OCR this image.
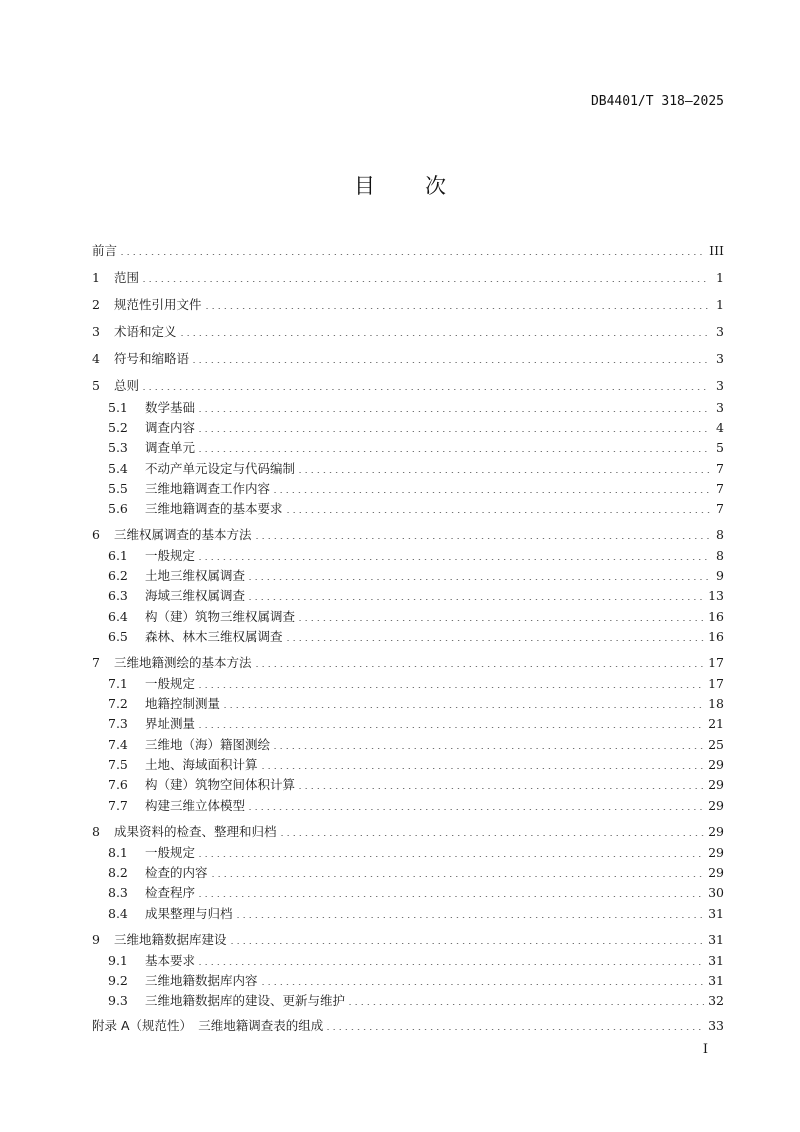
DB4401/T 318—2025
目 次
前言	III
1	范围	1
2	规范性引用文件	1
3	术语和定义	3
4	符号和缩略语	3
5	总则	3
5.1	数学基础	3
5.2	调查内容	4
5.3	调查单元	5
5.4	不动产单元设定与代码编制	7
5.5	三维地籍调查工作内容	7
5.6	三维地籍调查的基本要求	7
6	三维权属调查的基本方法	8
6.1	一般规定	8
6.2	土地三维权属调查	9
6.3	海域三维权属调查	13
6.4	构（建）筑物三维权属调查	16
6.5	森林、林木三维权属调查	16
7	三维地籍测绘的基本方法	17
7.1	一般规定	17
7.2	地籍控制测量	18
7.3	界址测量	21
7.4	三维地（海）籍图测绘	25
7.5	土地、海域面积计算	29
7.6	构（建）筑物空间体积计算	29
7.7	构建三维立体模型	29
8	成果资料的检查、整理和归档	29
8.1	一般规定	29
8.2	检查的内容	29
8.3	检查程序	30
8.4	成果整理与归档	31
9	三维地籍数据库建设	31
9.1	基本要求	31
9.2	三维地籍数据库内容	31
9.3	三维地籍数据库的建设、更新与维护	32
附录 A（规范性）　三维地籍调查表的组成	33
I
